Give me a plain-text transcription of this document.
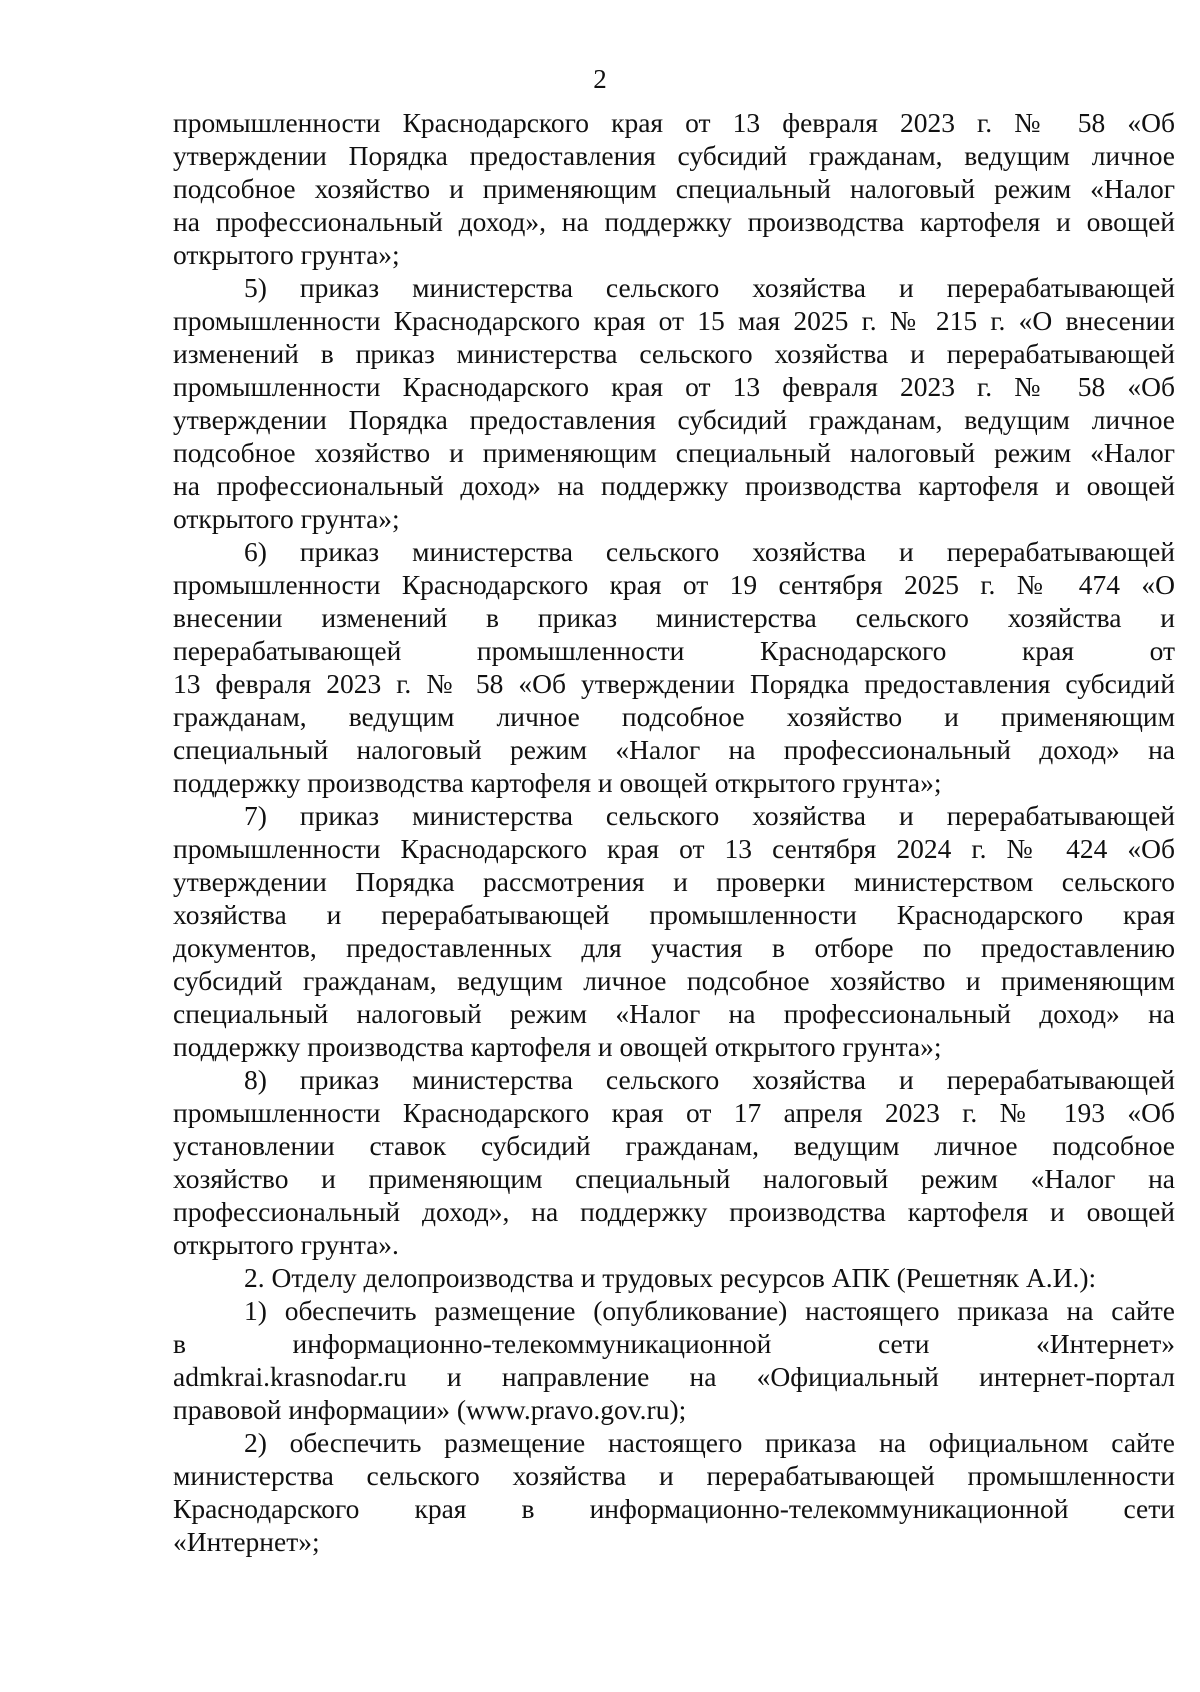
2
промышленности Краснодарского края от 13 февраля 2023 г. № 58 «Об
утверждении Порядка предоставления субсидий гражданам, ведущим личное
подсобное хозяйство и применяющим специальный налоговый режим «Налог
на профессиональный доход», на поддержку производства картофеля и овощей
открытого грунта»;
5) приказ министерства сельского хозяйства и перерабатывающей
промышленности Краснодарского края от 15 мая 2025 г. № 215 г. «О внесении
изменений в приказ министерства сельского хозяйства и перерабатывающей
промышленности Краснодарского края от 13 февраля 2023 г. № 58 «Об
утверждении Порядка предоставления субсидий гражданам, ведущим личное
подсобное хозяйство и применяющим специальный налоговый режим «Налог
на профессиональный доход» на поддержку производства картофеля и овощей
открытого грунта»;
6) приказ министерства сельского хозяйства и перерабатывающей
промышленности Краснодарского края от 19 сентября 2025 г. № 474 «О
внесении изменений в приказ министерства сельского хозяйства и
перерабатывающей промышленности Краснодарского края от
13 февраля 2023 г. № 58 «Об утверждении Порядка предоставления субсидий
гражданам, ведущим личное подсобное хозяйство и применяющим
специальный налоговый режим «Налог на профессиональный доход» на
поддержку производства картофеля и овощей открытого грунта»;
7) приказ министерства сельского хозяйства и перерабатывающей
промышленности Краснодарского края от 13 сентября 2024 г. № 424 «Об
утверждении Порядка рассмотрения и проверки министерством сельского
хозяйства и перерабатывающей промышленности Краснодарского края
документов, предоставленных для участия в отборе по предоставлению
субсидий гражданам, ведущим личное подсобное хозяйство и применяющим
специальный налоговый режим «Налог на профессиональный доход» на
поддержку производства картофеля и овощей открытого грунта»;
8) приказ министерства сельского хозяйства и перерабатывающей
промышленности Краснодарского края от 17 апреля 2023 г. № 193 «Об
установлении ставок субсидий гражданам, ведущим личное подсобное
хозяйство и применяющим специальный налоговый режим «Налог на
профессиональный доход», на поддержку производства картофеля и овощей
открытого грунта».
2. Отделу делопроизводства и трудовых ресурсов АПК (Решетняк А.И.):
1) обеспечить размещение (опубликование) настоящего приказа на сайте
в информационно-телекоммуникационной сети «Интернет»
admkrai.krasnodar.ru и направление на «Официальный интернет-портал
правовой информации» (www.pravo.gov.ru);
2) обеспечить размещение настоящего приказа на официальном сайте
министерства сельского хозяйства и перерабатывающей промышленности
Краснодарского края в информационно-телекоммуникационной сети
«Интернет»;
